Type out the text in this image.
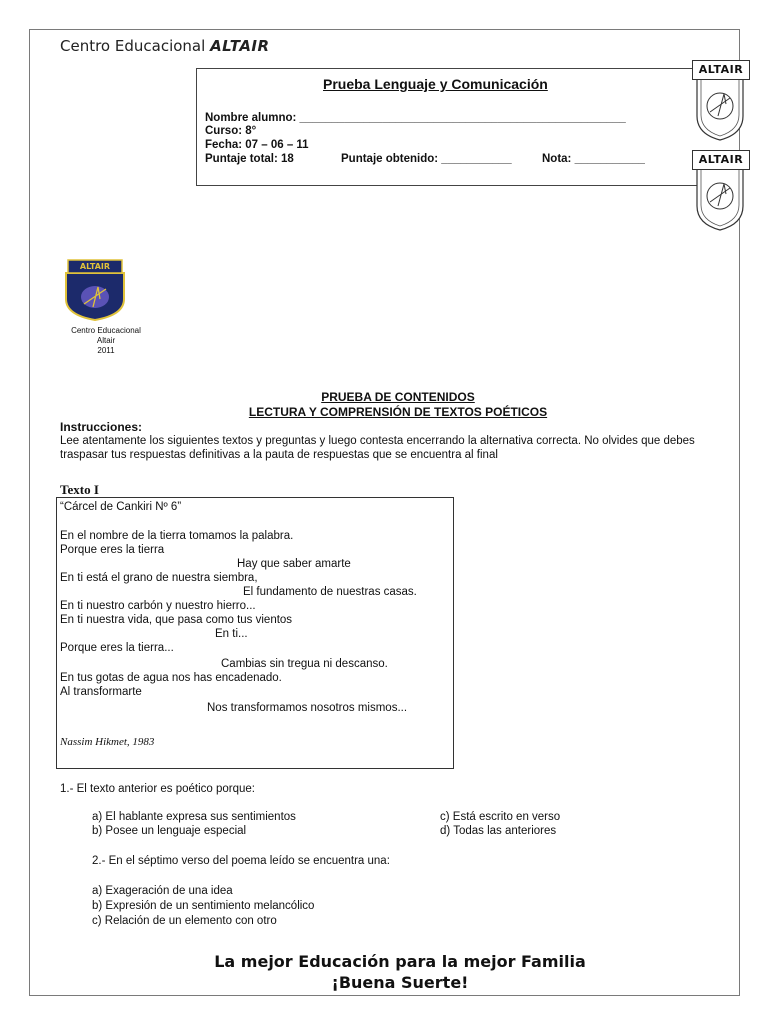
Centro Educacional ALTAIR
Prueba Lenguaje y Comunicación
Nombre alumno: ___________________________________________________
Curso: 8°
Fecha: 07 – 06 – 11
Puntaje total: 18	Puntaje obtenido: ___________	Nota: ___________
ALTAIR
ALTAIR
ALTAIR
Centro Educacional
Altair
2011
PRUEBA DE CONTENIDOS
LECTURA Y COMPRENSIÓN DE TEXTOS POÉTICOS
Instrucciones:
Lee atentamente los siguientes textos y preguntas y luego contesta encerrando la alternativa correcta. No olvides que debes traspasar tus respuestas definitivas a la pauta de respuestas que se encuentra al final
Texto I
“Cárcel de Cankiri Nº 6”
En el nombre de la tierra tomamos la palabra.
Porque eres la tierra
Hay que saber amarte
En ti está el grano de nuestra siembra,
El fundamento de nuestras casas.
En ti nuestro carbón y nuestro hierro...
En ti nuestra vida, que pasa como tus vientos
En ti...
Porque eres la tierra...
Cambias sin tregua ni descanso.
En tus gotas de agua nos has encadenado.
Al transformarte
Nos transformamos nosotros mismos...
Nassim Hikmet, 1983
1.- El texto anterior es poético porque:
a) El hablante expresa sus sentimientos
b) Posee un lenguaje especial
c) Está escrito en verso
d) Todas las anteriores
2.- En el séptimo verso del poema leído se encuentra una:
a) Exageración de una idea
b) Expresión de un sentimiento melancólico
c) Relación de un elemento con otro
La mejor Educación para la mejor Familia
¡Buena Suerte!
